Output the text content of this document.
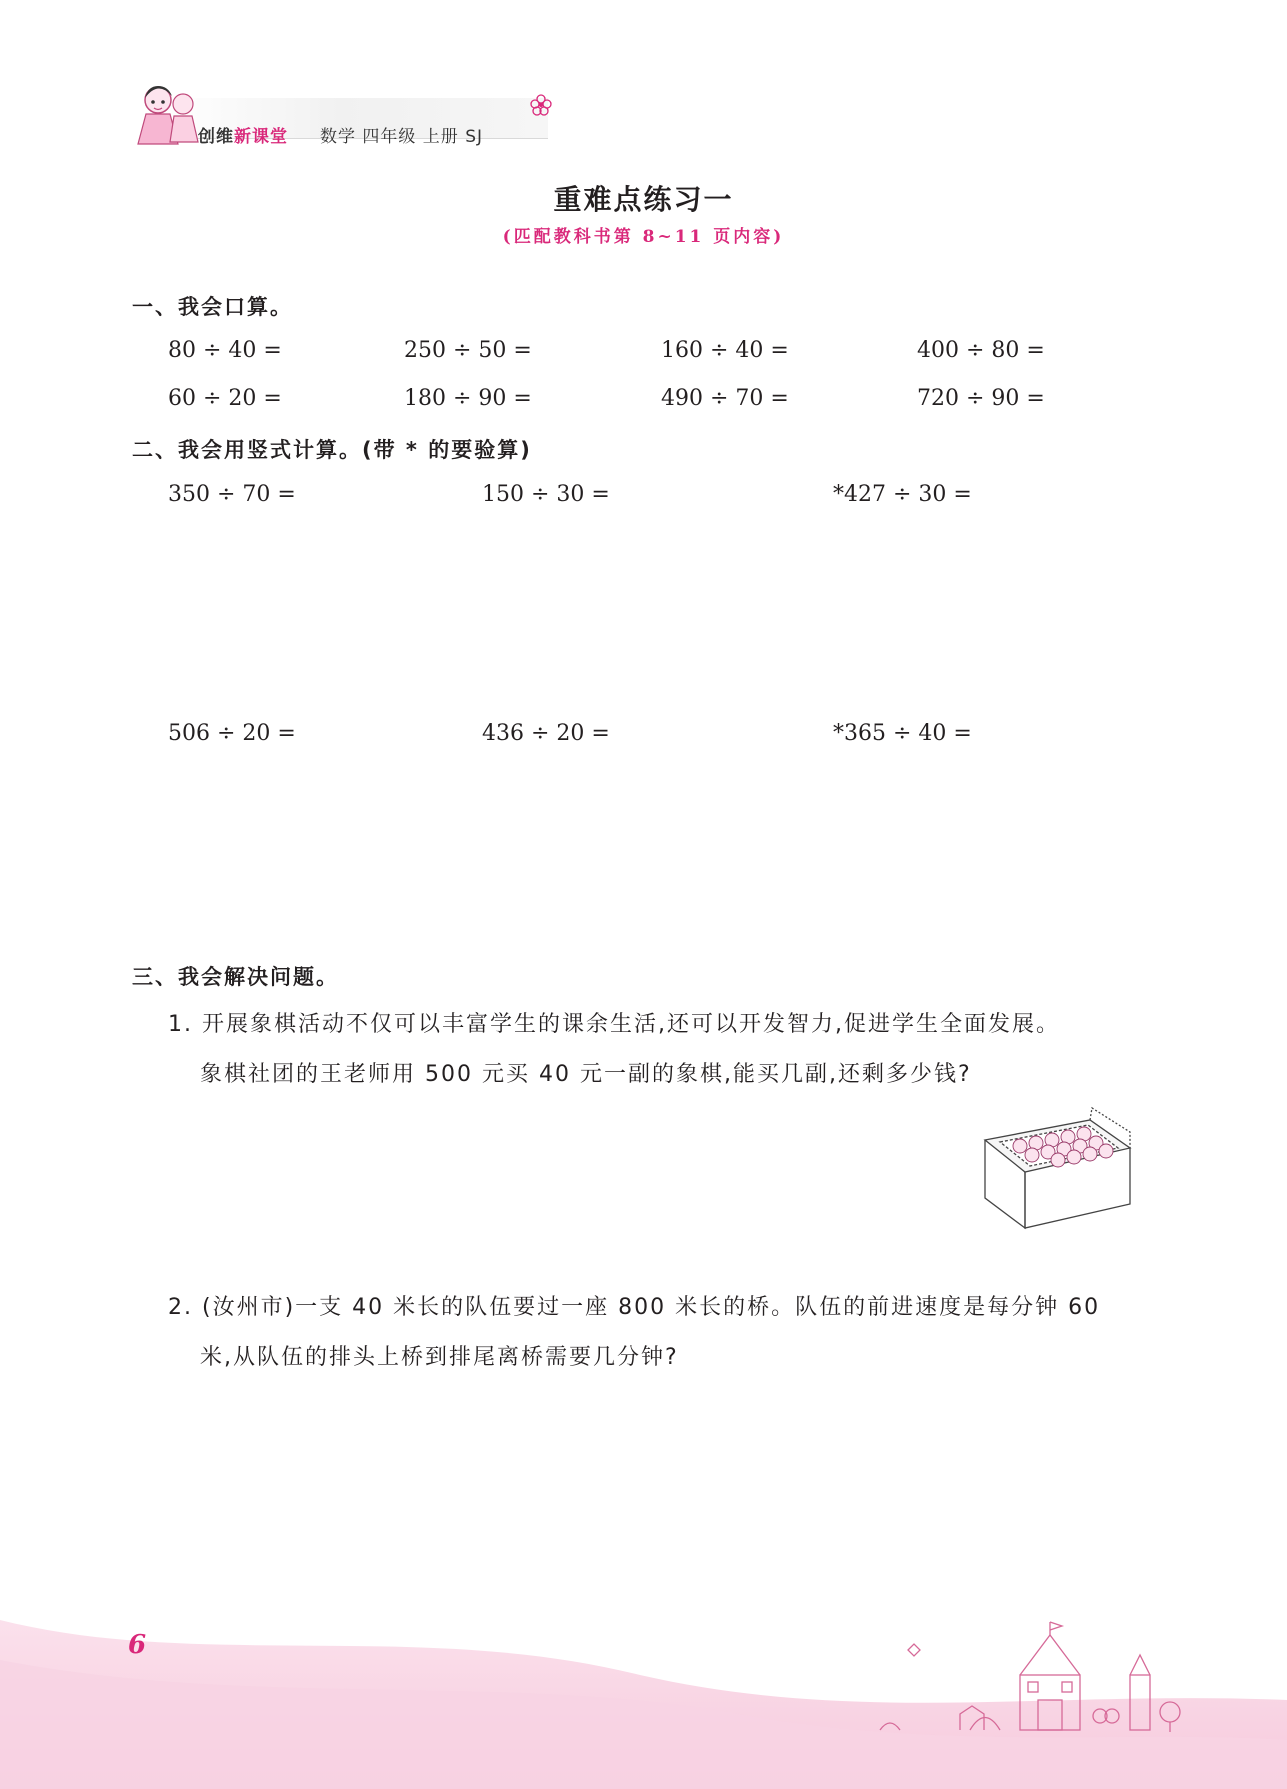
创维新课堂 数学 四年级 上册 SJ
重难点练习一
(匹配教科书第 8~11 页内容)
一、我会口算。
80 ÷ 40 =	250 ÷ 50 =	160 ÷ 40 =	400 ÷ 80 =
60 ÷ 20 =	180 ÷ 90 =	490 ÷ 70 =	720 ÷ 90 =
二、我会用竖式计算。(带 * 的要验算)
350 ÷ 70 =	150 ÷ 30 =	*427 ÷ 30 =
506 ÷ 20 =	436 ÷ 20 =	*365 ÷ 40 =
三、我会解决问题。
1. 开展象棋活动不仅可以丰富学生的课余生活,还可以开发智力,促进学生全面发展。
象棋社团的王老师用 500 元买 40 元一副的象棋,能买几副,还剩多少钱?
2. (汝州市)一支 40 米长的队伍要过一座 800 米长的桥。队伍的前进速度是每分钟 60
米,从队伍的排头上桥到排尾离桥需要几分钟?
6
